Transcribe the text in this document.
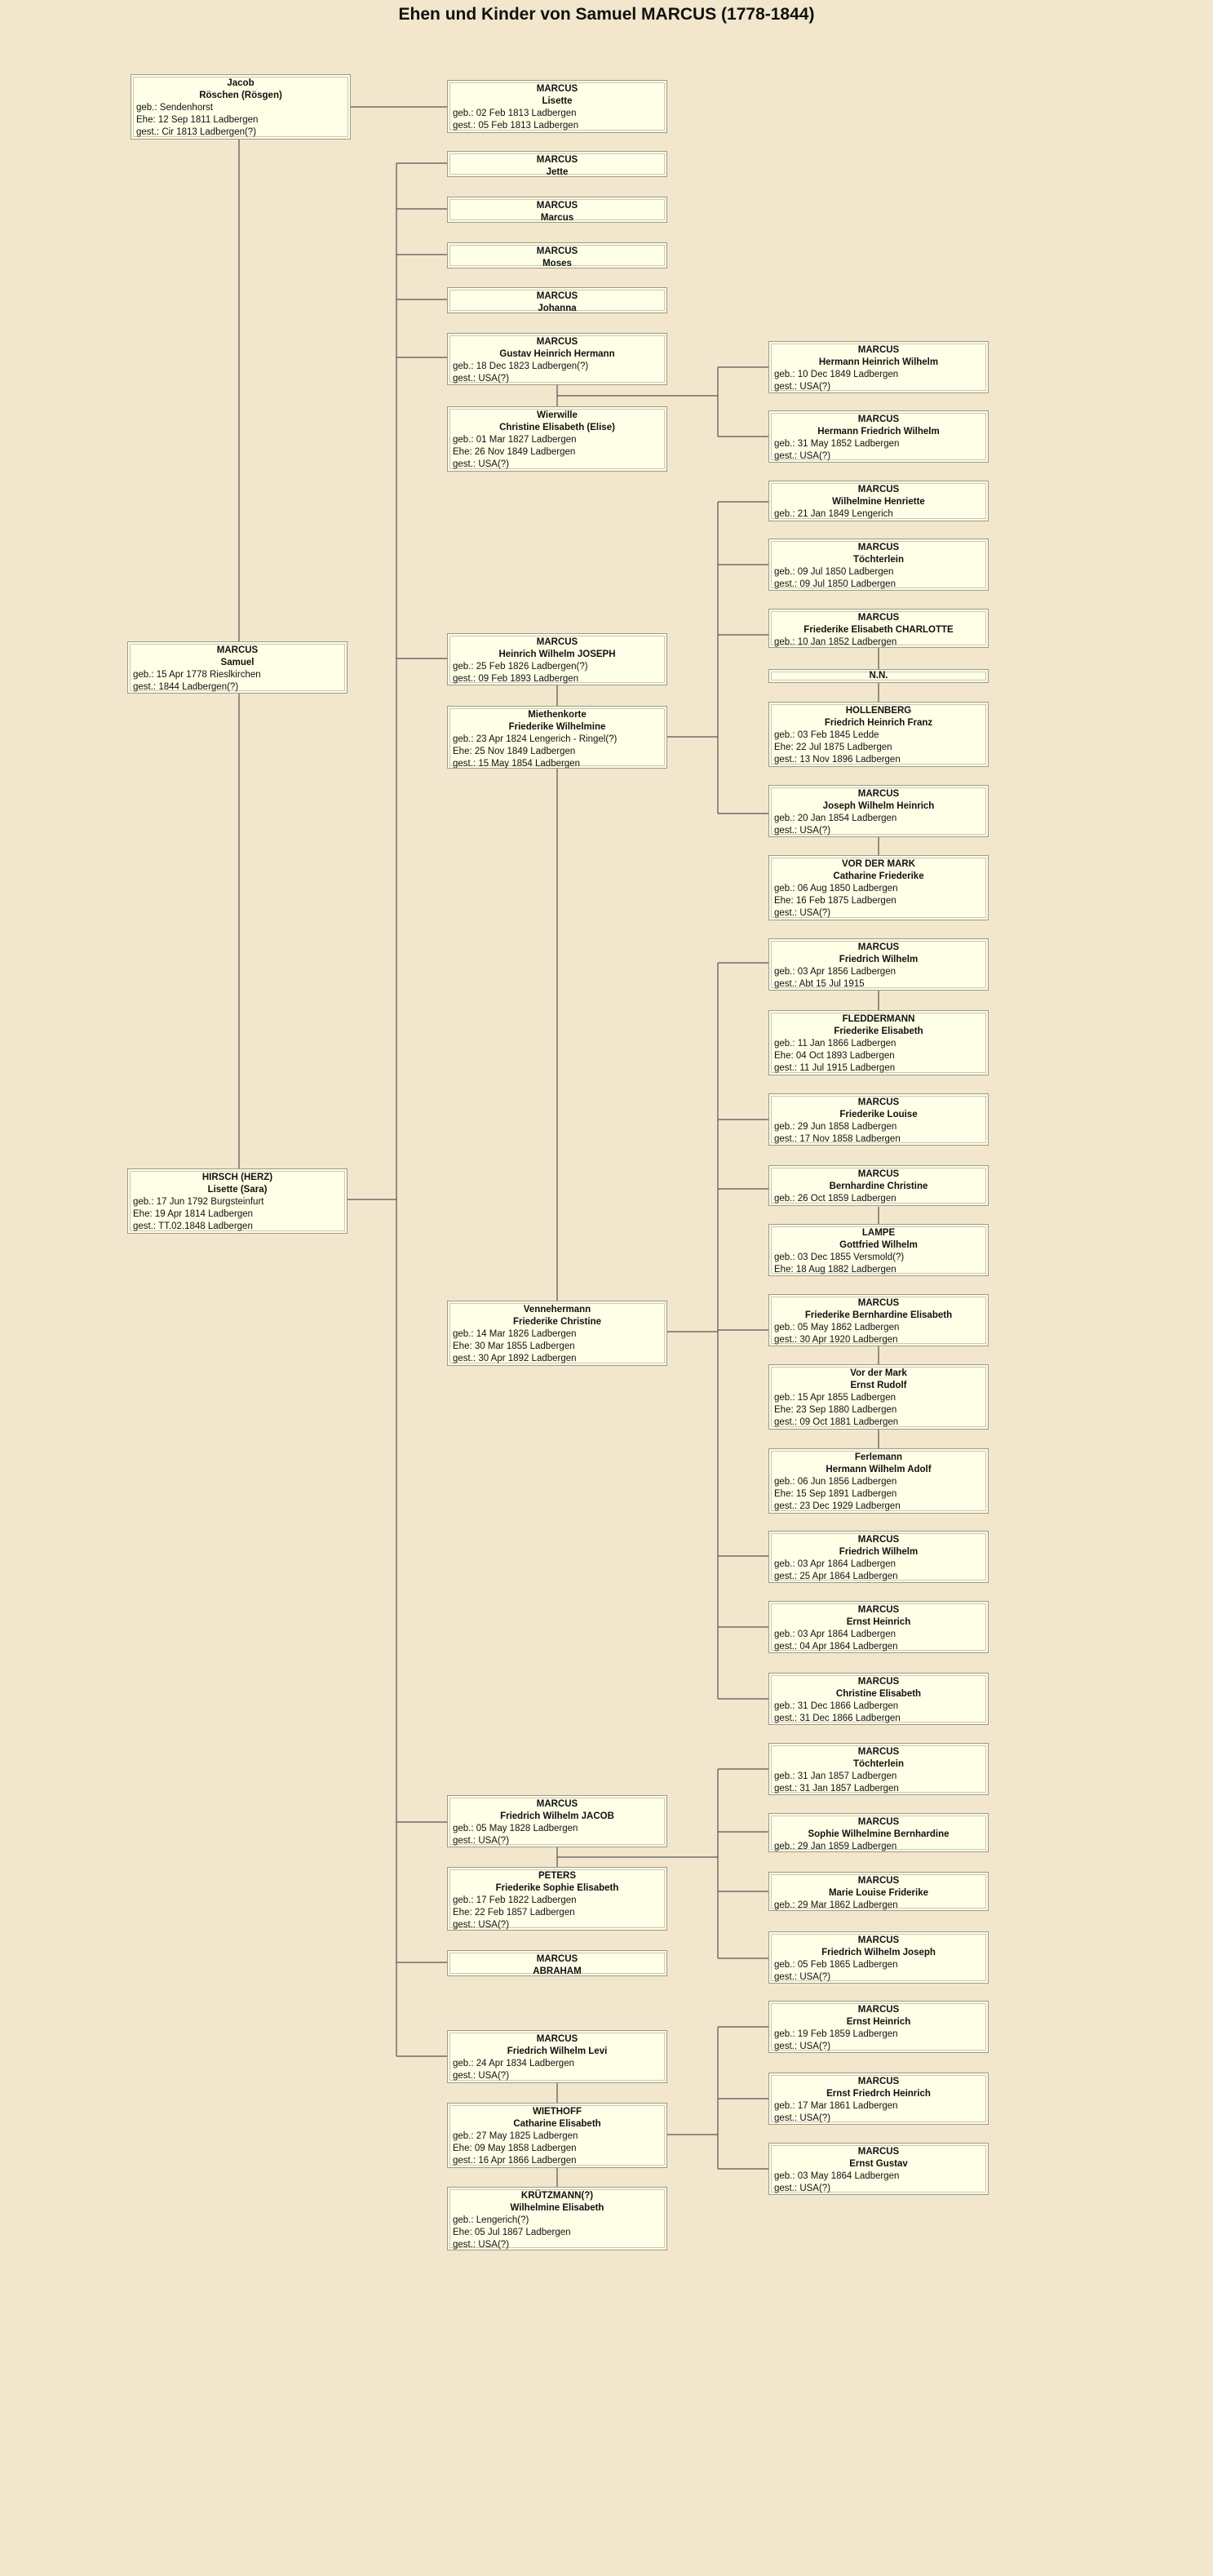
Ehen und Kinder von Samuel MARCUS (1778-1844)
Jacob
Röschen (Rösgen)
geb.: Sendenhorst
Ehe: 12 Sep 1811 Ladbergen
gest.: Cir 1813 Ladbergen(?)
MARCUS
Samuel
geb.: 15 Apr 1778 Rieslkirchen
gest.: 1844 Ladbergen(?)
HIRSCH (HERZ)
Lisette (Sara)
geb.: 17 Jun 1792 Burgsteinfurt
Ehe: 19 Apr 1814 Ladbergen
gest.: TT.02.1848 Ladbergen
MARCUS
Lisette
geb.: 02 Feb 1813 Ladbergen
gest.: 05 Feb 1813 Ladbergen
MARCUS
Jette
MARCUS
Marcus
MARCUS
Moses
MARCUS
Johanna
MARCUS
Gustav Heinrich Hermann
geb.: 18 Dec 1823 Ladbergen(?)
gest.: USA(?)
Wierwille
Christine Elisabeth (Elise)
geb.: 01 Mar 1827 Ladbergen
Ehe: 26 Nov 1849 Ladbergen
gest.: USA(?)
MARCUS
Heinrich Wilhelm JOSEPH
geb.: 25 Feb 1826 Ladbergen(?)
gest.: 09 Feb 1893 Ladbergen
Miethenkorte
Friederike Wilhelmine
geb.: 23 Apr 1824 Lengerich - Ringel(?)
Ehe: 25 Nov 1849 Ladbergen
gest.: 15 May 1854 Ladbergen
Vennehermann
Friederike Christine
geb.: 14 Mar 1826 Ladbergen
Ehe: 30 Mar 1855 Ladbergen
gest.: 30 Apr 1892 Ladbergen
MARCUS
Friedrich Wilhelm JACOB
geb.: 05 May 1828 Ladbergen
gest.: USA(?)
PETERS
Friederike Sophie Elisabeth
geb.: 17 Feb 1822 Ladbergen
Ehe: 22 Feb 1857 Ladbergen
gest.: USA(?)
MARCUS
ABRAHAM
MARCUS
Friedrich Wilhelm Levi
geb.: 24 Apr 1834 Ladbergen
gest.: USA(?)
WIETHOFF
Catharine Elisabeth
geb.: 27 May 1825 Ladbergen
Ehe: 09 May 1858 Ladbergen
gest.: 16 Apr 1866 Ladbergen
KRÜTZMANN(?)
Wilhelmine Elisabeth
geb.: Lengerich(?)
Ehe: 05 Jul 1867 Ladbergen
gest.: USA(?)
MARCUS
Hermann Heinrich Wilhelm
geb.: 10 Dec 1849 Ladbergen
gest.: USA(?)
MARCUS
Hermann Friedrich Wilhelm
geb.: 31 May 1852 Ladbergen
gest.: USA(?)
MARCUS
Wilhelmine Henriette
geb.: 21 Jan 1849 Lengerich
MARCUS
Töchterlein
geb.: 09 Jul 1850 Ladbergen
gest.: 09 Jul 1850 Ladbergen
MARCUS
Friederike Elisabeth CHARLOTTE
geb.: 10 Jan 1852 Ladbergen
N.N.
HOLLENBERG
Friedrich Heinrich Franz
geb.: 03 Feb 1845 Ledde
Ehe: 22 Jul 1875 Ladbergen
gest.: 13 Nov 1896 Ladbergen
MARCUS
Joseph Wilhelm Heinrich
geb.: 20 Jan 1854 Ladbergen
gest.: USA(?)
VOR DER MARK
Catharine Friederike
geb.: 06 Aug 1850 Ladbergen
Ehe: 16 Feb 1875 Ladbergen
gest.: USA(?)
MARCUS
Friedrich Wilhelm
geb.: 03 Apr 1856 Ladbergen
gest.: Abt 15 Jul 1915
FLEDDERMANN
Friederike Elisabeth
geb.: 11 Jan 1866 Ladbergen
Ehe: 04 Oct 1893 Ladbergen
gest.: 11 Jul 1915 Ladbergen
MARCUS
Friederike Louise
geb.: 29 Jun 1858 Ladbergen
gest.: 17 Nov 1858 Ladbergen
MARCUS
Bernhardine Christine
geb.: 26 Oct 1859 Ladbergen
LAMPE
Gottfried Wilhelm
geb.: 03 Dec 1855 Versmold(?)
Ehe: 18 Aug 1882 Ladbergen
MARCUS
Friederike Bernhardine Elisabeth
geb.: 05 May 1862 Ladbergen
gest.: 30 Apr 1920 Ladbergen
Vor der Mark
Ernst Rudolf
geb.: 15 Apr 1855 Ladbergen
Ehe: 23 Sep 1880 Ladbergen
gest.: 09 Oct 1881 Ladbergen
Ferlemann
Hermann Wilhelm Adolf
geb.: 06 Jun 1856 Ladbergen
Ehe: 15 Sep 1891 Ladbergen
gest.: 23 Dec 1929 Ladbergen
MARCUS
Friedrich Wilhelm
geb.: 03 Apr 1864 Ladbergen
gest.: 25 Apr 1864 Ladbergen
MARCUS
Ernst Heinrich
geb.: 03 Apr 1864 Ladbergen
gest.: 04 Apr 1864 Ladbergen
MARCUS
Christine Elisabeth
geb.: 31 Dec 1866 Ladbergen
gest.: 31 Dec 1866 Ladbergen
MARCUS
Töchterlein
geb.: 31 Jan 1857 Ladbergen
gest.: 31 Jan 1857 Ladbergen
MARCUS
Sophie Wilhelmine Bernhardine
geb.: 29 Jan 1859 Ladbergen
MARCUS
Marie Louise Friderike
geb.: 29 Mar 1862 Ladbergen
MARCUS
Friedrich Wilhelm Joseph
geb.: 05 Feb 1865 Ladbergen
gest.: USA(?)
MARCUS
Ernst Heinrich
geb.: 19 Feb 1859 Ladbergen
gest.: USA(?)
MARCUS
Ernst Friedrch Heinrich
geb.: 17 Mar 1861 Ladbergen
gest.: USA(?)
MARCUS
Ernst Gustav
geb.: 03 May 1864 Ladbergen
gest.: USA(?)
